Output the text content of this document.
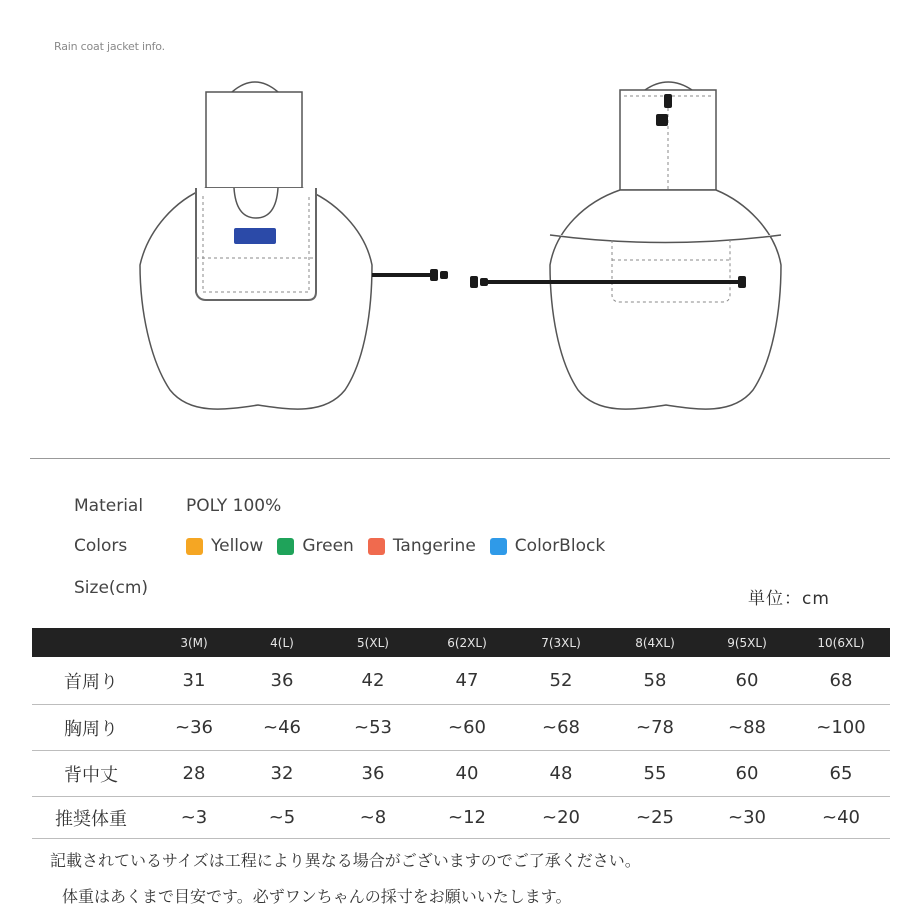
Rain coat jacket info.
Material	POLY 100%
Colors	Yellow Green Tangerine ColorBlock
Size(cm)
単位：cm
	3(M)	4(L)	5(XL)	6(2XL)	7(3XL)	8(4XL)	9(5XL)	10(6XL)
首周り	31	36	42	47	52	58	60	68
胸周り	~36	~46	~53	~60	~68	~78	~88	~100
背中丈	28	32	36	40	48	55	60	65
推奨体重	~3	~5	~8	~12	~20	~25	~30	~40
記載されているサイズは工程により異なる場合がございますのでご了承ください。
体重はあくまで目安です。必ずワンちゃんの採寸をお願いいたします。
